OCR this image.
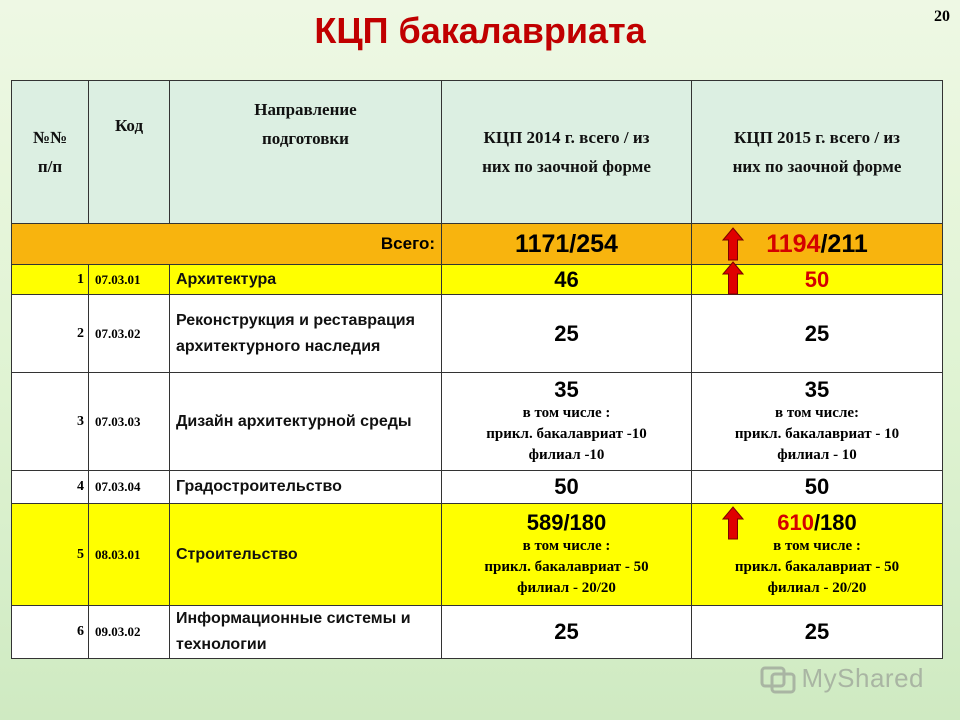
КЦП бакалавриата	20
№№ п/п	Код	Направление подготовки	КЦП 2014 г. всего / из них по заочной форме	КЦП 2015 г. всего / из них по заочной форме
Всего:			1171/254	1194/211
1	07.03.01	Архитектура	46	50
2	07.03.02	Реконструкция и реставрация архитектурного наследия	25	25
3	07.03.03	Дизайн архитектурной среды	35
в том числе :
прикл. бакалавриат -10
филиал -10	35
в том числе:
прикл. бакалавриат - 10
филиал - 10

4	07.03.04	Градостроительство	50	50
5	08.03.01	Строительство	589/180
в том числе :
прикл. бакалавриат - 50
филиал - 20/20	610/180
в том числе :
прикл. бакалавриат - 50
филиал - 20/20

6	09.03.02	Информационные системы и технологии	25	25
MyShared
